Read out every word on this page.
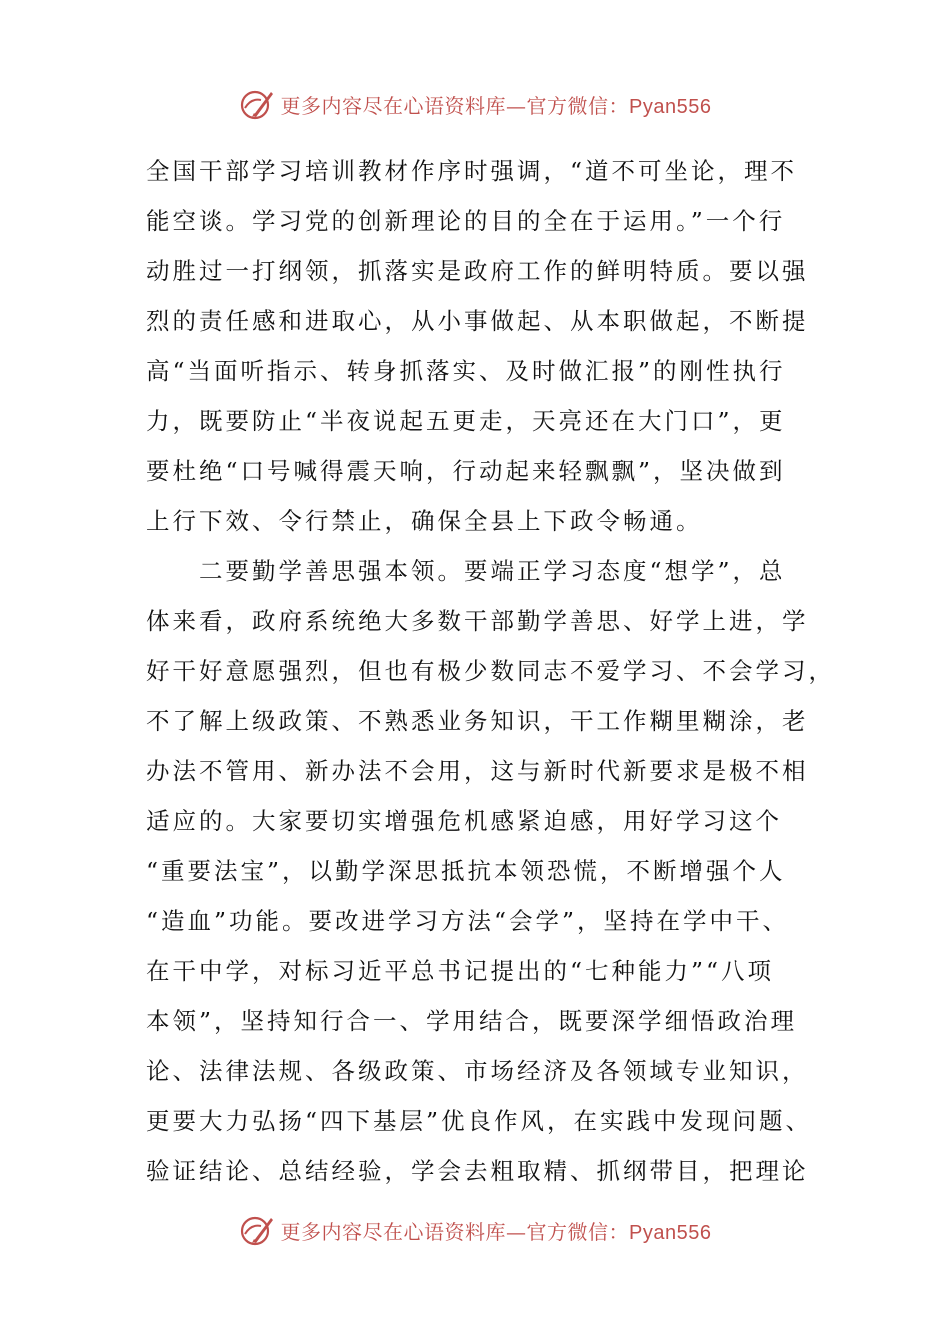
更多内容尽在心语资料库—官方微信：Pyan556
全国干部学习培训教材作序时强调，“道不可坐论，理不
能空谈。学习党的创新理论的目的全在于运用。”一个行
动胜过一打纲领，抓落实是政府工作的鲜明特质。要以强
烈的责任感和进取心，从小事做起、从本职做起，不断提
高“当面听指示、转身抓落实、及时做汇报”的刚性执行
力，既要防止“半夜说起五更走，天亮还在大门口”，更
要杜绝“口号喊得震天响，行动起来轻飘飘”，坚决做到
上行下效、令行禁止，确保全县上下政令畅通。
　　二要勤学善思强本领。要端正学习态度“想学”，总
体来看，政府系统绝大多数干部勤学善思、好学上进，学
好干好意愿强烈，但也有极少数同志不爱学习、不会学习，
不了解上级政策、不熟悉业务知识，干工作糊里糊涂，老
办法不管用、新办法不会用，这与新时代新要求是极不相
适应的。大家要切实增强危机感紧迫感，用好学习这个
“重要法宝”，以勤学深思抵抗本领恐慌，不断增强个人
“造血”功能。要改进学习方法“会学”，坚持在学中干、
在干中学，对标习近平总书记提出的“七种能力”“八项
本领”，坚持知行合一、学用结合，既要深学细悟政治理
论、法律法规、各级政策、市场经济及各领域专业知识，
更要大力弘扬“四下基层”优良作风，在实践中发现问题、
验证结论、总结经验，学会去粗取精、抓纲带目，把理论
更多内容尽在心语资料库—官方微信：Pyan556
